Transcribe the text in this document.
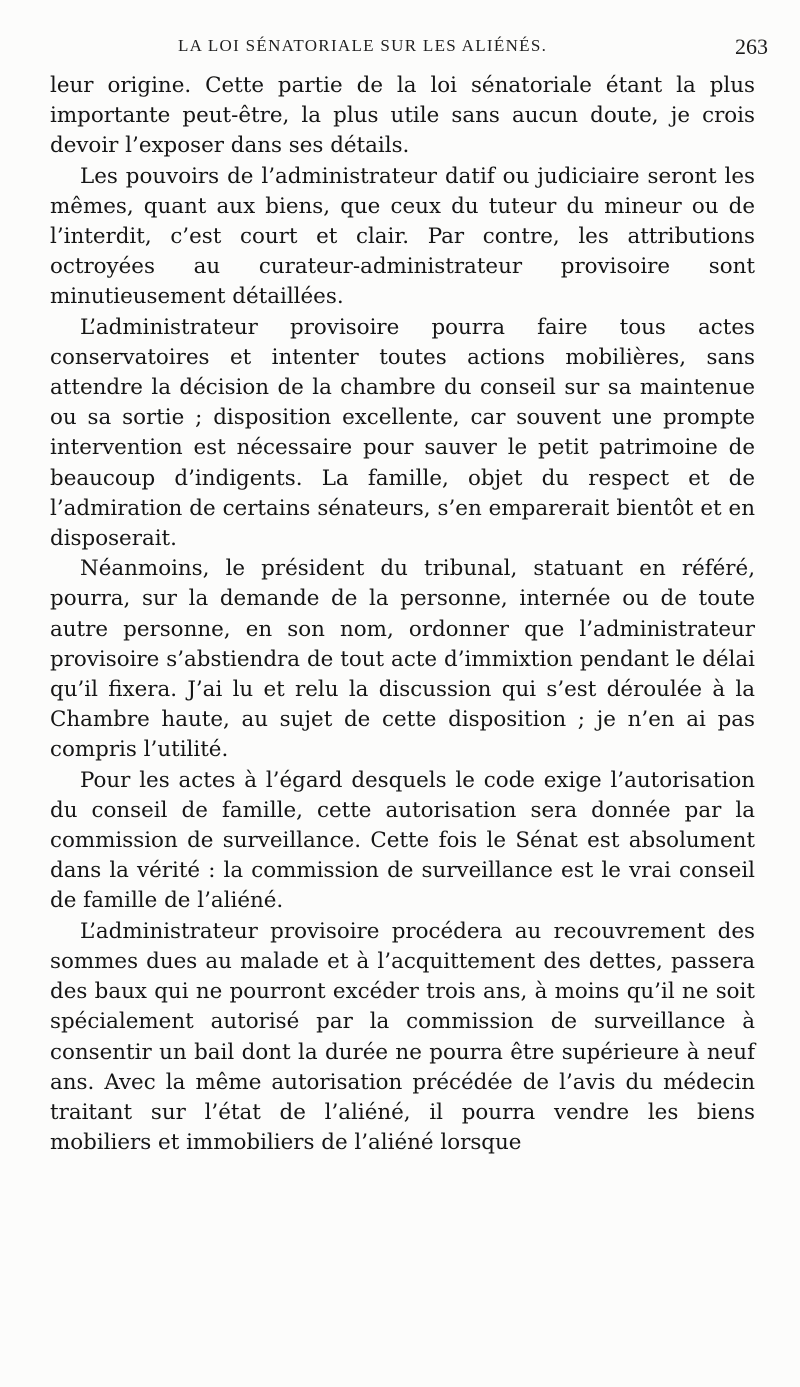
LA LOI SÉNATORIALE SUR LES ALIÉNÉS.	263

leur origine. Cette partie de la loi sénatoriale étant la plus importante peut-être, la plus utile sans aucun doute, je crois devoir l’exposer dans ses détails.

Les pouvoirs de l’administrateur datif ou judiciaire seront les mêmes, quant aux biens, que ceux du tuteur du mineur ou de l’interdit, c’est court et clair. Par contre, les attributions octroyées au curateur-administrateur provisoire sont minutieusement détaillées.

L’administrateur provisoire pourra faire tous actes conservatoires et intenter toutes actions mobilières, sans attendre la décision de la chambre du conseil sur sa maintenue ou sa sortie ; disposition excellente, car souvent une prompte intervention est nécessaire pour sauver le petit patrimoine de beaucoup d’indigents. La famille, objet du respect et de l’admiration de certains sénateurs, s’en emparerait bientôt et en disposerait.

Néanmoins, le président du tribunal, statuant en référé, pourra, sur la demande de la personne, internée ou de toute autre personne, en son nom, ordonner que l’administrateur provisoire s’abstiendra de tout acte d’immixtion pendant le délai qu’il fixera. J’ai lu et relu la discussion qui s’est déroulée à la Chambre haute, au sujet de cette disposition ; je n’en ai pas compris l’utilité.

Pour les actes à l’égard desquels le code exige l’autorisation du conseil de famille, cette autorisation sera donnée par la commission de surveillance. Cette fois le Sénat est absolument dans la vérité : la commission de surveillance est le vrai conseil de famille de l’aliéné.

L’administrateur provisoire procédera au recouvrement des sommes dues au malade et à l’acquittement des dettes, passera des baux qui ne pourront excéder trois ans, à moins qu’il ne soit spécialement autorisé par la commission de surveillance à consentir un bail dont la durée ne pourra être supérieure à neuf ans. Avec la même autorisation précédée de l’avis du médecin traitant sur l’état de l’aliéné, il pourra vendre les biens mobiliers et immobiliers de l’aliéné lorsque
